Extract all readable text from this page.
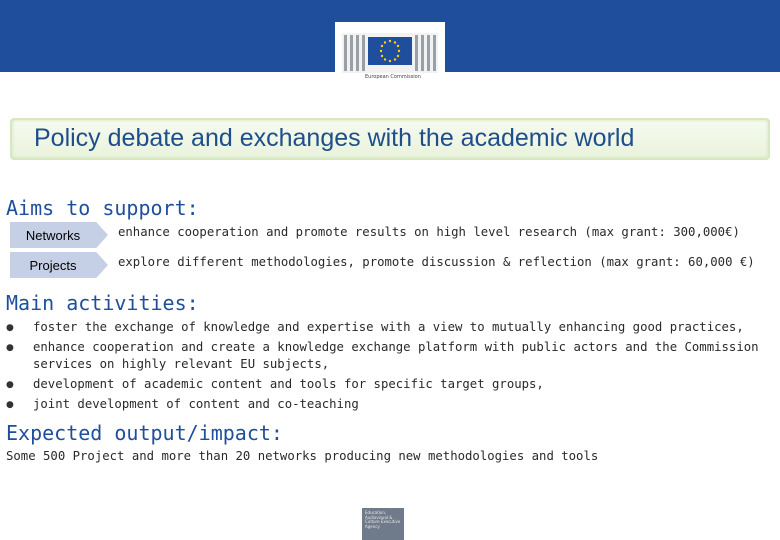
European Commission
Policy debate and exchanges with the academic world
Aims to support:
Networks	enhance cooperation and promote results on high level research (max grant: 300,000€)
Projects	explore different methodologies, promote discussion & reflection (max grant: 60,000 €)
Main activities:
● foster the exchange of knowledge and expertise with a view to mutually enhancing good practices,
● enhance cooperation and create a knowledge exchange platform with public actors and the Commission
services on highly relevant EU subjects,
● development of academic content and tools for specific target groups,
● joint development of content and co-teaching
Expected output/impact:
Some 500 Project and more than 20 networks producing new methodologies and tools
Education, Audiovisual & Culture Executive Agency
